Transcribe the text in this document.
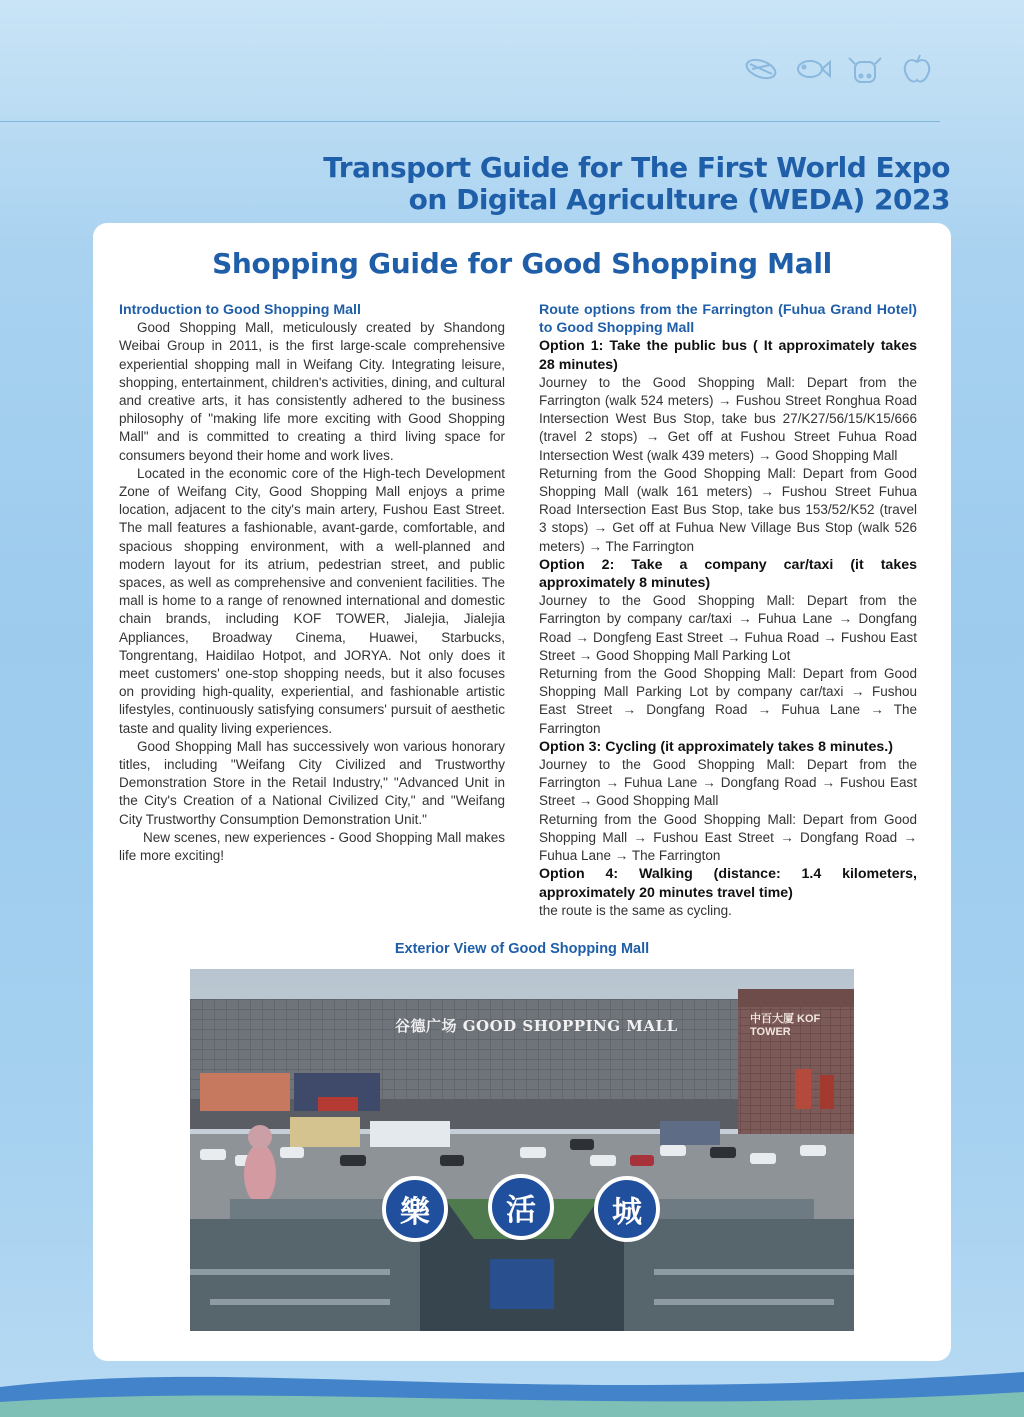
Transport Guide for The First World Expo
on Digital Agriculture (WEDA) 2023
Shopping Guide for Good Shopping Mall
Introduction to Good Shopping Mall

Good Shopping Mall, meticulously created by Shandong Weibai Group in 2011, is the first large-scale comprehensive experiential shopping mall in Weifang City. Integrating leisure, shopping, entertainment, children's activities, dining, and cultural and creative arts, it has consistently adhered to the business philosophy of "making life more exciting with Good Shopping Mall" and is committed to creating a third living space for consumers beyond their home and work lives.

Located in the economic core of the High-tech Development Zone of Weifang City, Good Shopping Mall enjoys a prime location, adjacent to the city's main artery, Fushou East Street. The mall features a fashionable, avant-garde, comfortable, and spacious shopping environment, with a well-planned and modern layout for its atrium, pedestrian street, and public spaces, as well as comprehensive and convenient facilities. The mall is home to a range of renowned international and domestic chain brands, including KOF TOWER, Jialejia, Jialejia Appliances, Broadway Cinema, Huawei, Starbucks, Tongrentang, Haidilao Hotpot, and JORYA. Not only does it meet customers' one-stop shopping needs, but it also focuses on providing high-quality, experiential, and fashionable artistic lifestyles, continuously satisfying consumers' pursuit of aesthetic taste and quality living experiences.

Good Shopping Mall has successively won various honorary titles, including "Weifang City Civilized and Trustworthy Demonstration Store in the Retail Industry," "Advanced Unit in the City's Creation of a National Civilized City," and "Weifang City Trustworthy Consumption Demonstration Unit."

New scenes, new experiences - Good Shopping Mall makes life more exciting!

Route options from the Farrington (Fuhua Grand Hotel) to Good Shopping Mall
Option 1: Take the public bus ( It approximately takes 28 minutes)

Journey to the Good Shopping Mall: Depart from the Farrington (walk 524 meters) → Fushou Street Ronghua Road Intersection West Bus Stop, take bus 27/K27/56/15/K15/666 (travel 2 stops) → Get off at Fushou Street Fuhua Road Intersection West (walk 439 meters) → Good Shopping Mall

Returning from the Good Shopping Mall: Depart from Good Shopping Mall (walk 161 meters) → Fushou Street Fuhua Road Intersection East Bus Stop, take bus 153/52/K52 (travel 3 stops) → Get off at Fuhua New Village Bus Stop (walk 526 meters) → The Farrington

Option 2: Take a company car/taxi (it takes approximately 8 minutes)

Journey to the Good Shopping Mall: Depart from the Farrington by company car/taxi → Fuhua Lane → Dongfang Road → Dongfeng East Street → Fuhua Road → Fushou East Street → Good Shopping Mall Parking Lot

Returning from the Good Shopping Mall: Depart from Good Shopping Mall Parking Lot by company car/taxi → Fushou East Street → Dongfang Road → Fuhua Lane → The Farrington

Option 3: Cycling (it approximately takes 8 minutes.)

Journey to the Good Shopping Mall: Depart from the Farrington → Fuhua Lane → Dongfang Road → Fushou East Street → Good Shopping Mall

Returning from the Good Shopping Mall: Depart from Good Shopping Mall → Fushou East Street → Dongfang Road → Fuhua Lane → The Farrington

Option 4: Walking (distance: 1.4 kilometers, approximately 20 minutes travel time)

the route is the same as cycling.

Exterior View of Good Shopping Mall
谷德广场 GOOD SHOPPING MALL	中百大厦 KOF TOWER
樂	活	城
